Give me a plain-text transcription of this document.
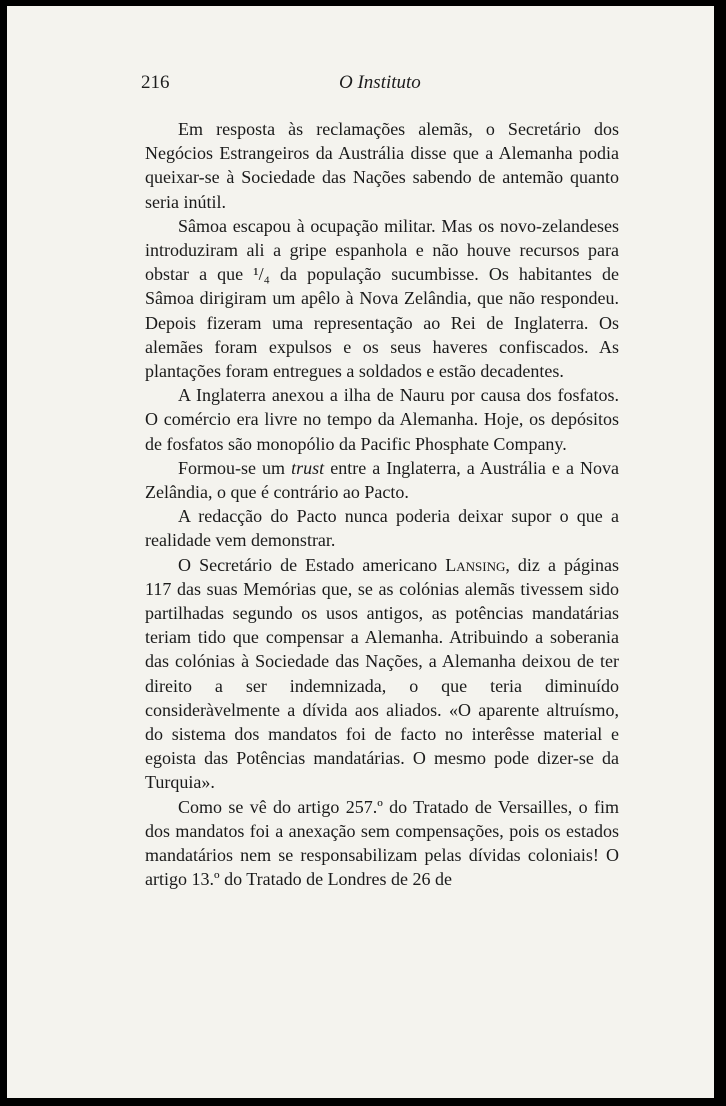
216	O Instituto

Em resposta às reclamações alemãs, o Secretário dos Negócios Estrangeiros da Austrália disse que a Alemanha podia queixar-se à Sociedade das Nações sabendo de antemão quanto seria inútil.

Sâmoa escapou à ocupação militar. Mas os novo-zelandeses introduziram ali a gripe espanhola e não houve recursos para obstar a que ¹/₄ da população sucumbisse. Os habitantes de Sâmoa dirigiram um apêlo à Nova Zelândia, que não respondeu. Depois fizeram uma representação ao Rei de Inglaterra. Os alemães foram expulsos e os seus haveres confiscados. As plantações foram entregues a soldados e estão decadentes.

A Inglaterra anexou a ilha de Nauru por causa dos fosfatos. O comércio era livre no tempo da Alemanha. Hoje, os depósitos de fosfatos são monopólio da Pacific Phosphate Company.

Formou-se um trust entre a Inglaterra, a Austrália e a Nova Zelândia, o que é contrário ao Pacto.

A redacção do Pacto nunca poderia deixar supor o que a realidade vem demonstrar.

O Secretário de Estado americano Lansing, diz a páginas 117 das suas Memórias que, se as colónias alemãs tivessem sido partilhadas segundo os usos antigos, as potências mandatárias teriam tido que compensar a Alemanha. Atribuindo a soberania das colónias à Sociedade das Nações, a Alemanha deixou de ter direito a ser indemnizada, o que teria diminuído consideràvelmente a dívida aos aliados. «O aparente altruísmo, do sistema dos mandatos foi de facto no interêsse material e egoista das Potências mandatárias. O mesmo pode dizer-se da Turquia».

Como se vê do artigo 257.º do Tratado de Versailles, o fim dos mandatos foi a anexação sem compensações, pois os estados mandatários nem se responsabilizam pelas dívidas coloniais! O artigo 13.º do Tratado de Londres de 26 de
